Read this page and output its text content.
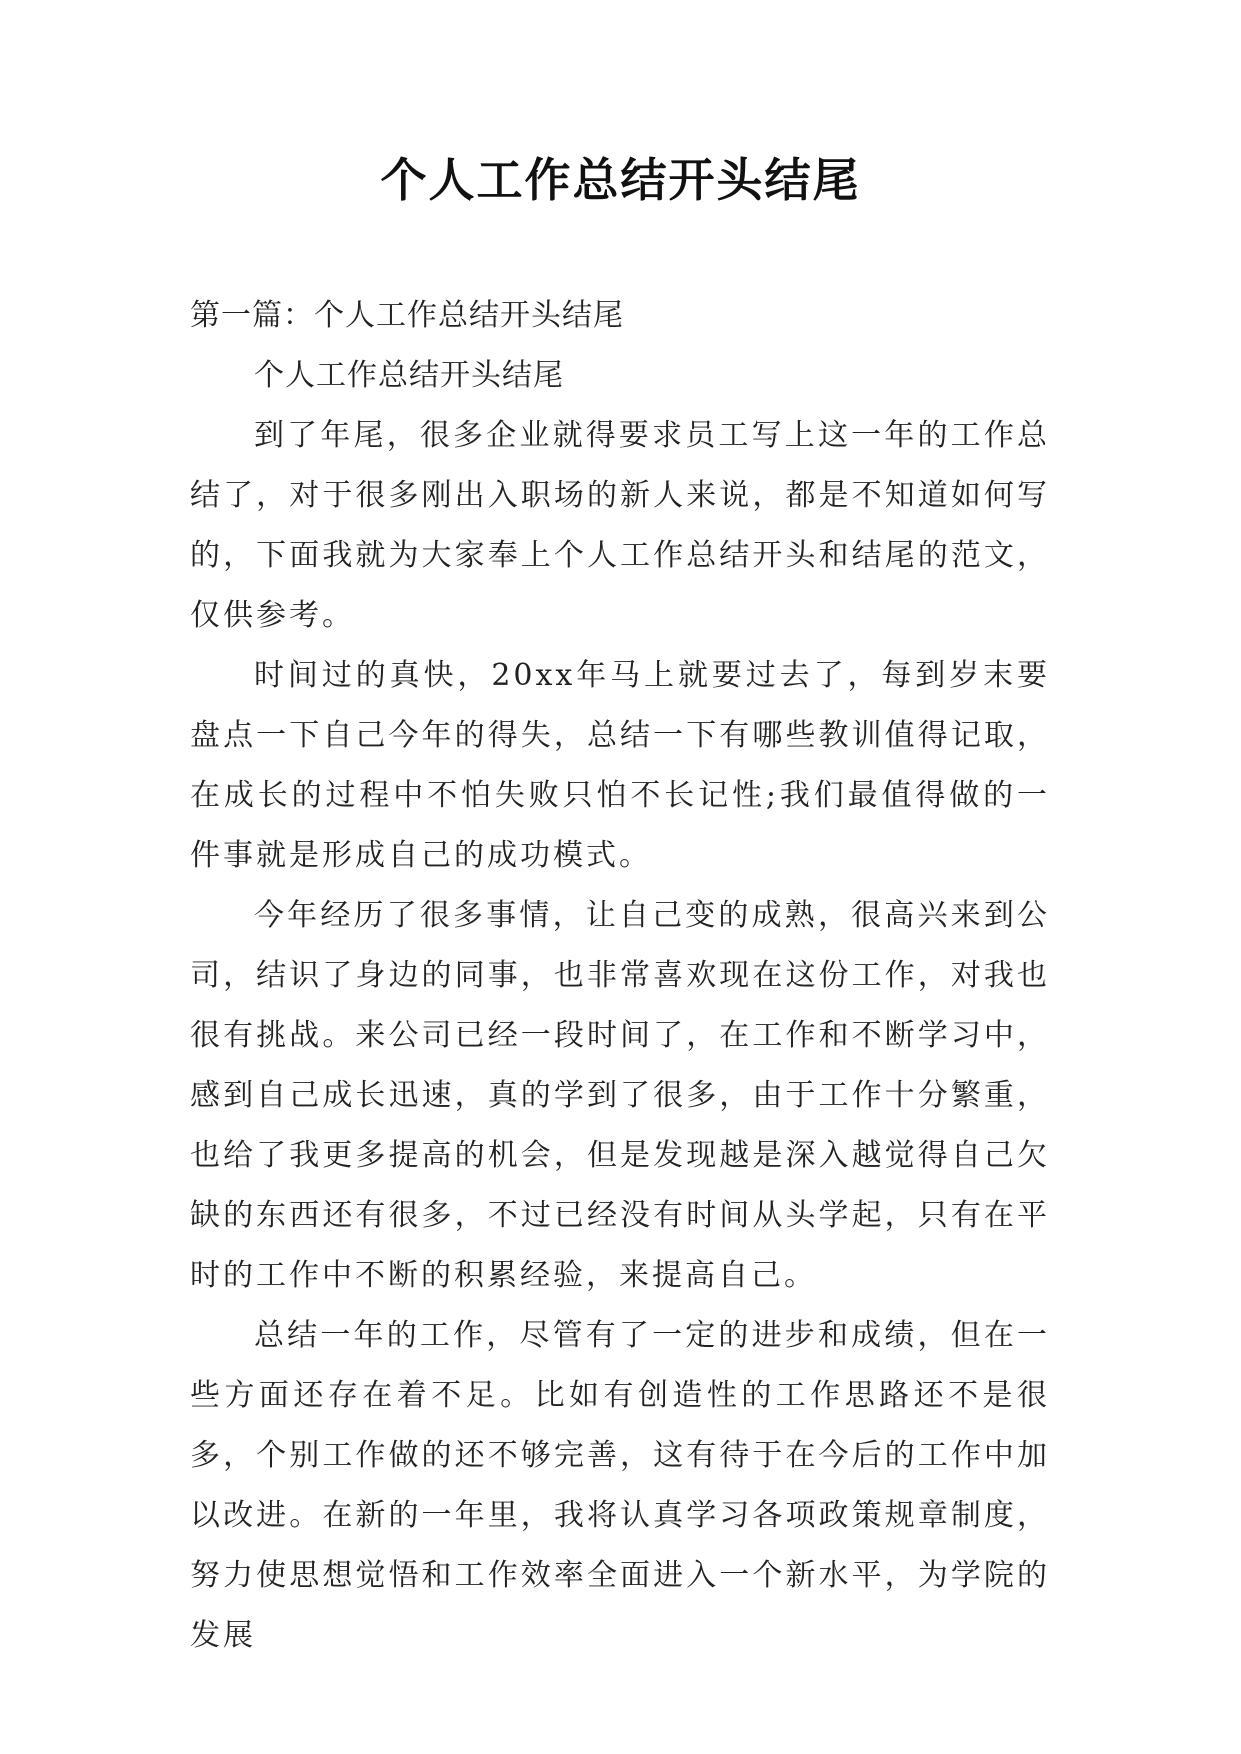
个人工作总结开头结尾

第一篇：个人工作总结开头结尾

个人工作总结开头结尾

到了年尾，很多企业就得要求员工写上这一年的工作总结了，对于很多刚出入职场的新人来说，都是不知道如何写的，下面我就为大家奉上个人工作总结开头和结尾的范文，仅供参考。

时间过的真快，20xx年马上就要过去了，每到岁末要盘点一下自己今年的得失，总结一下有哪些教训值得记取，在成长的过程中不怕失败只怕不长记性;我们最值得做的一件事就是形成自己的成功模式。

今年经历了很多事情，让自己变的成熟，很高兴来到公司，结识了身边的同事，也非常喜欢现在这份工作，对我也很有挑战。来公司已经一段时间了，在工作和不断学习中，感到自己成长迅速，真的学到了很多，由于工作十分繁重，也给了我更多提高的机会，但是发现越是深入越觉得自己欠缺的东西还有很多，不过已经没有时间从头学起，只有在平时的工作中不断的积累经验，来提高自己。

总结一年的工作，尽管有了一定的进步和成绩，但在一些方面还存在着不足。比如有创造性的工作思路还不是很多，个别工作做的还不够完善，这有待于在今后的工作中加以改进。在新的一年里，我将认真学习各项政策规章制度，努力使思想觉悟和工作效率全面进入一个新水平，为学院的发展
